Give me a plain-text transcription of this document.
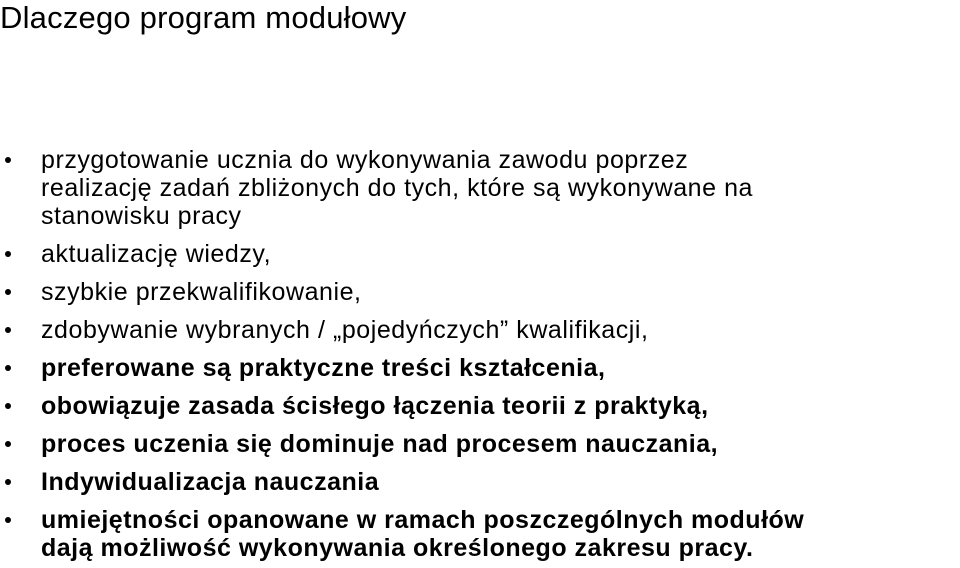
Dlaczego program modułowy
przygotowanie ucznia do wykonywania zawodu poprzez
realizację zadań zbliżonych do tych, które są wykonywane na
stanowisku pracy
aktualizację wiedzy,
szybkie przekwalifikowanie,
zdobywanie wybranych / „pojedyńczych” kwalifikacji,
preferowane są praktyczne treści kształcenia,
obowiązuje zasada ścisłego łączenia teorii z praktyką,
proces uczenia się dominuje nad procesem nauczania,
Indywidualizacja nauczania
umiejętności opanowane w ramach poszczególnych modułów
dają możliwość wykonywania określonego zakresu pracy.
